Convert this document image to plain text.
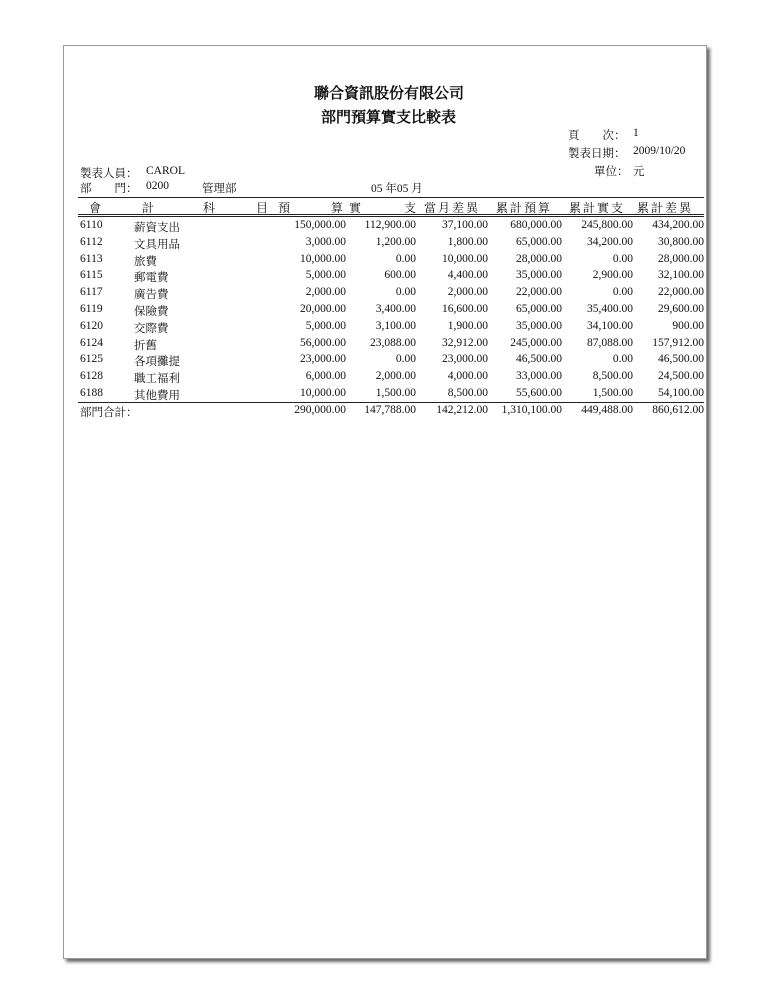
聯合資訊股份有限公司
部門預算實支比較表
頁　　次： 1
製表日期： 2009/10/20
單位： 元
製表人員： CAROL
部　　門： 0200	管理部	05 年05 月
會	計	科	目 預	算 實	支 當月差異 累計預算 累計實支 累計差異
6110	薪資支出	150,000.00	112,900.00	37,100.00	680,000.00	245,800.00	434,200.00
6112	文具用品	3,000.00	1,200.00	1,800.00	65,000.00	34,200.00	30,800.00
6113	旅費	10,000.00	0.00	10,000.00	28,000.00	0.00	28,000.00
6115	郵電費	5,000.00	600.00	4,400.00	35,000.00	2,900.00	32,100.00
6117	廣告費	2,000.00	0.00	2,000.00	22,000.00	0.00	22,000.00
6119	保險費	20,000.00	3,400.00	16,600.00	65,000.00	35,400.00	29,600.00
6120	交際費	5,000.00	3,100.00	1,900.00	35,000.00	34,100.00	900.00
6124	折舊	56,000.00	23,088.00	32,912.00	245,000.00	87,088.00	157,912.00
6125	各項攤提	23,000.00	0.00	23,000.00	46,500.00	0.00	46,500.00
6128	職工福利	6,000.00	2,000.00	4,000.00	33,000.00	8,500.00	24,500.00
6188	其他費用	10,000.00	1,500.00	8,500.00	55,600.00	1,500.00	54,100.00
部門合計：	290,000.00	147,788.00	142,212.00	1,310,100.00	449,488.00	860,612.00
